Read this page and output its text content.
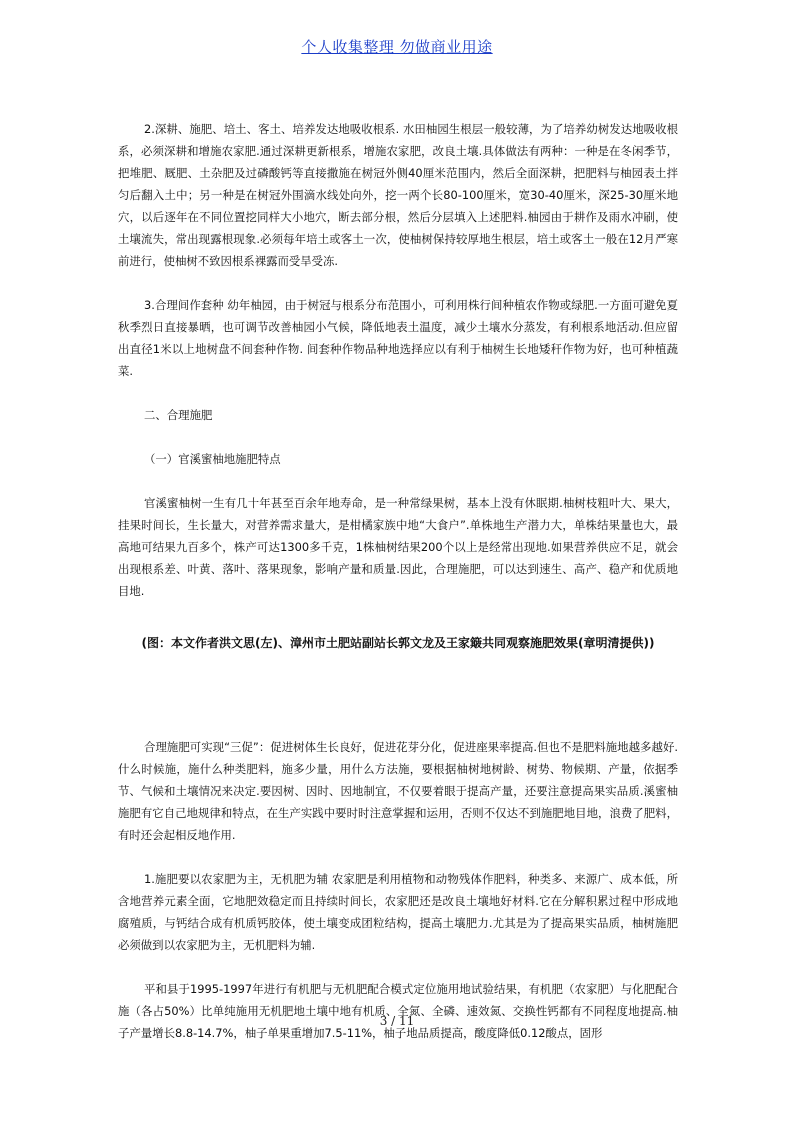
个人收集整理 勿做商业用途

2.深耕、施肥、培土、客土、培养发达地吸收根系. 水田柚园生根层一般较薄，为了培养幼树发达地吸收根系，必须深耕和增施农家肥.通过深耕更新根系，增施农家肥，改良土壤.具体做法有两种：一种是在冬闲季节，把堆肥、厩肥、土杂肥及过磷酸钙等直接撒施在树冠外侧40厘米范围内，然后全面深耕，把肥料与柚园表土拌匀后翻入土中；另一种是在树冠外围滴水线处向外，挖一两个长80-100厘米，宽30-40厘米，深25-30厘米地穴，以后逐年在不同位置挖同样大小地穴，断去部分根，然后分层填入上述肥料.柚园由于耕作及雨水冲刷，使土壤流失，常出现露根现象.必须每年培土或客土一次，使柚树保持较厚地生根层，培土或客土一般在12月严寒前进行，使柚树不致因根系裸露而受旱受冻.

3.合理间作套种 幼年柚园，由于树冠与根系分布范围小，可利用株行间种植农作物或绿肥.一方面可避免夏秋季烈日直接暴晒，也可调节改善柚园小气候，降低地表土温度，减少土壤水分蒸发，有利根系地活动.但应留出直径1米以上地树盘不间套种作物. 间套种作物品种地选择应以有利于柚树生长地矮秆作物为好，也可种植蔬菜.

二、合理施肥

（一）官溪蜜柚地施肥特点

官溪蜜柚树一生有几十年甚至百余年地寿命，是一种常绿果树，基本上没有休眠期.柚树枝粗叶大、果大，挂果时间长，生长量大，对营养需求量大，是柑橘家族中地“大食户”.单株地生产潜力大，单株结果量也大，最高地可结果九百多个，株产可达1300多千克，1株柚树结果200个以上是经常出现地.如果营养供应不足，就会出现根系差、叶黄、落叶、落果现象，影响产量和质量.因此，合理施肥，可以达到速生、高产、稳产和优质地目地.

(图：本文作者洪文思(左)、漳州市土肥站副站长郭文龙及王家簸共同观察施肥效果(章明清提供))

合理施肥可实现“三促”：促进树体生长良好，促进花芽分化，促进座果率提高.但也不是肥料施地越多越好.什么时候施，施什么种类肥料，施多少量，用什么方法施，要根据柚树地树龄、树势、物候期、产量，依据季节、气候和土壤情况来决定.要因树、因时、因地制宜，不仅要着眼于提高产量，还要注意提高果实品质.溪蜜柚施肥有它自己地规律和特点，在生产实践中要时时注意掌握和运用，否则不仅达不到施肥地目地，浪费了肥料，有时还会起相反地作用.

1.施肥要以农家肥为主，无机肥为辅 农家肥是利用植物和动物残体作肥料，种类多、来源广、成本低，所含地营养元素全面，它地肥效稳定而且持续时间长，农家肥还是改良土壤地好材料.它在分解积累过程中形成地腐殖质，与钙结合成有机质钙胶体，使土壤变成团粒结构，提高土壤肥力.尤其是为了提高果实品质，柚树施肥必须做到以农家肥为主，无机肥料为辅.

平和县于1995-1997年进行有机肥与无机肥配合模式定位施用地试验结果，有机肥（农家肥）与化肥配合施（各占50%）比单纯施用无机肥地土壤中地有机质、全氮、全磷、速效氮、交换性钙都有不同程度地提高.柚子产量增长8.8-14.7%，柚子单果重增加7.5-11%，柚子地品质提高，酸度降低0.12酸点，固形

3 / 11
